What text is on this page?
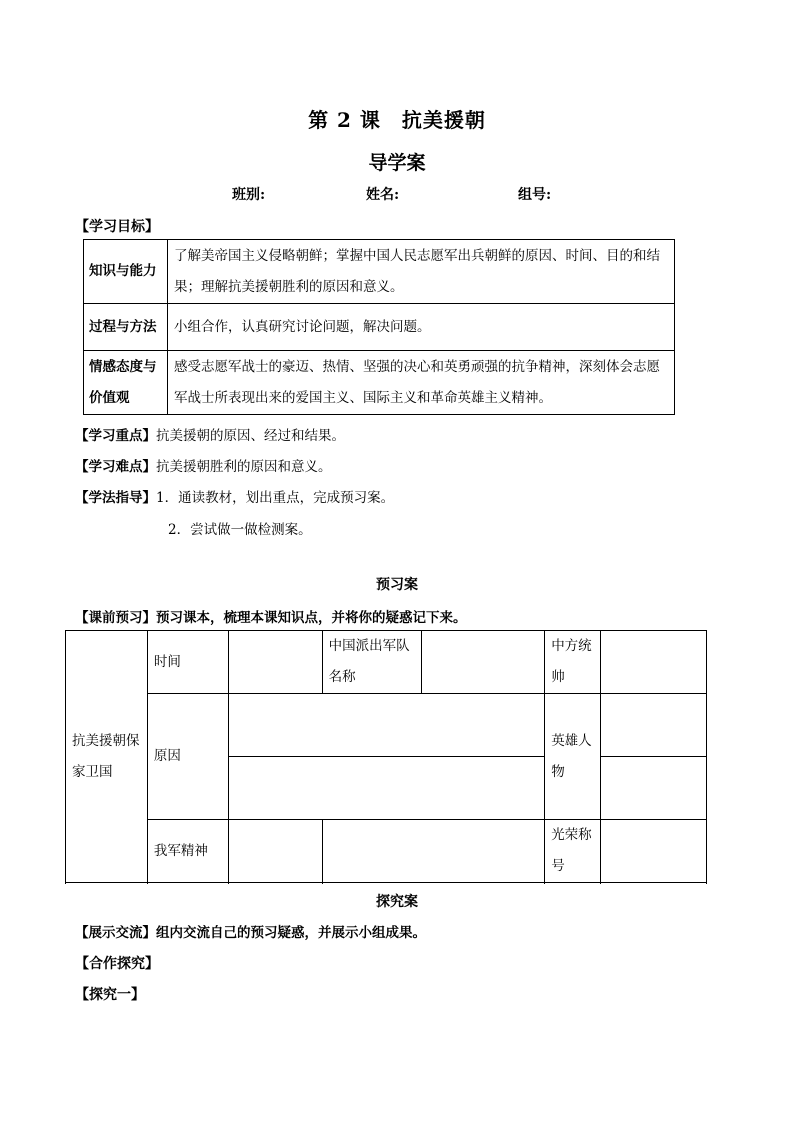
第 2 课　抗美援朝
导学案
班别:	姓名:	组号:
【学习目标】
知识与能力	了解美帝国主义侵略朝鲜；掌握中国人民志愿军出兵朝鲜的原因、时间、目的和结果；理解抗美援朝胜利的原因和意义。
过程与方法	小组合作，认真研究讨论问题，解决问题。
情感态度与价值观	感受志愿军战士的豪迈、热情、坚强的决心和英勇顽强的抗争精神，深刻体会志愿军战士所表现出来的爱国主义、国际主义和革命英雄主义精神。
【学习重点】抗美援朝的原因、经过和结果。
【学习难点】抗美援朝胜利的原因和意义。
【学法指导】1．通读教材，划出重点，完成预习案。
2．尝试做一做检测案。
预习案
【课前预习】预习课本，梳理本课知识点，并将你的疑惑记下来。
抗美援朝保家卫国	时间		中国派出军队名称		中方统帅	
	原因				英雄人物	

	我军精神				光荣称号	

探究案
【展示交流】组内交流自己的预习疑惑，并展示小组成果。
【合作探究】
【探究一】
